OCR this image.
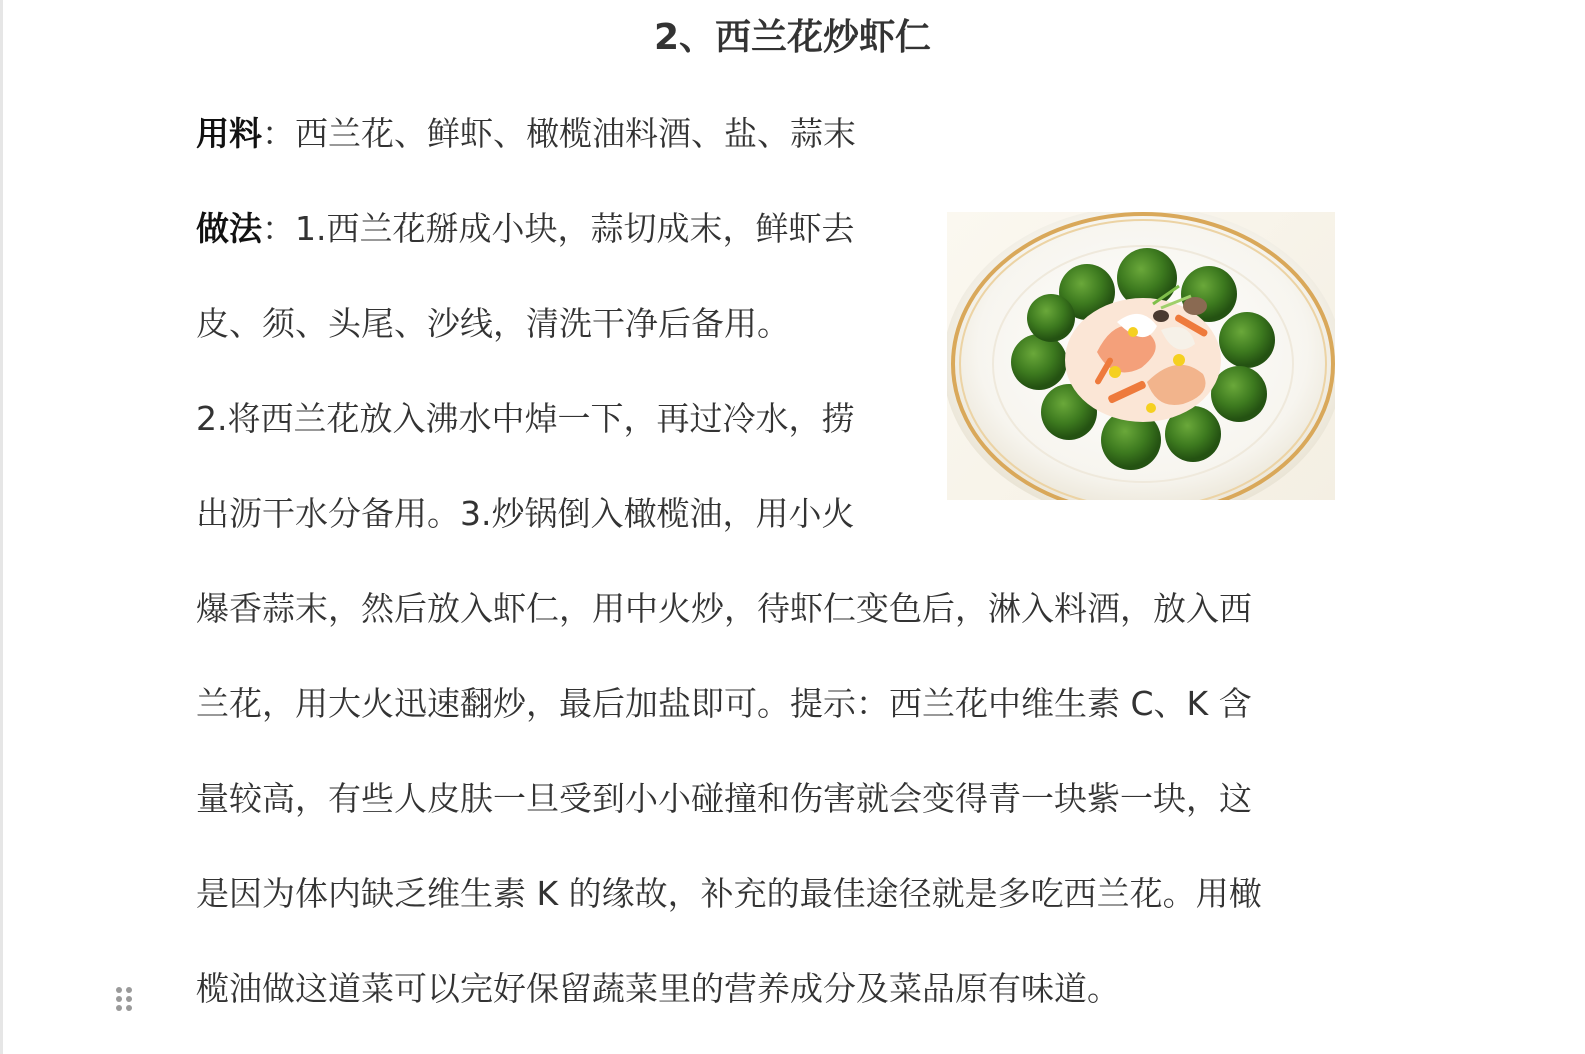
2、西兰花炒虾仁
用料：西兰花、鲜虾、橄榄油料酒、盐、蒜末
做法：1.西兰花掰成小块，蒜切成末，鲜虾去
皮、须、头尾、沙线，清洗干净后备用。
2.将西兰花放入沸水中焯一下，再过冷水，捞
出沥干水分备用。3.炒锅倒入橄榄油，用小火
爆香蒜末，然后放入虾仁，用中火炒，待虾仁变色后，淋入料酒，放入西
兰花，用大火迅速翻炒，最后加盐即可。提示：西兰花中维生素 C、K 含
量较高，有些人皮肤一旦受到小小碰撞和伤害就会变得青一块紫一块，这
是因为体内缺乏维生素 K 的缘故，补充的最佳途径就是多吃西兰花。用橄
榄油做这道菜可以完好保留蔬菜里的营养成分及菜品原有味道。
